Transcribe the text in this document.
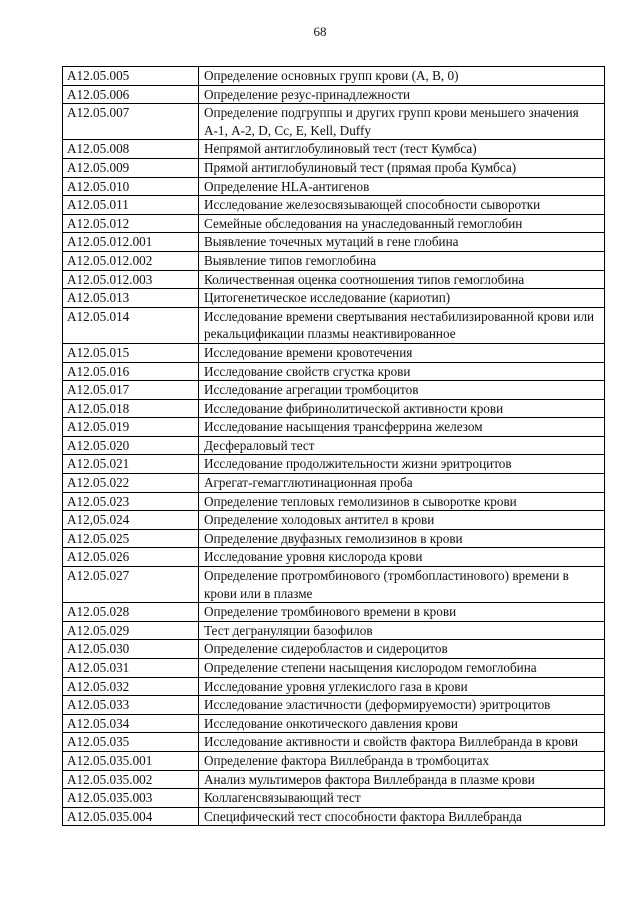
68
A12.05.005	Определение основных групп крови (А, В, 0)
A12.05.006	Определение резус-принадлежности
A12.05.007	Определение подгруппы и других групп крови меньшего значения А-1, А-2, D, Сс, Е, Kell, Duffy
A12.05.008	Непрямой антиглобулиновый тест (тест Кумбса)
A12.05.009	Прямой антиглобулиновый тест (прямая проба Кумбса)
A12.05.010	Определение HLA-антигенов
A12.05.011	Исследование железосвязывающей способности сыворотки
A12.05.012	Семейные обследования на унаследованный гемоглобин
A12.05.012.001	Выявление точечных мутаций в гене глобина
A12.05.012.002	Выявление типов гемоглобина
A12.05.012.003	Количественная оценка соотношения типов гемоглобина
A12.05.013	Цитогенетическое исследование (кариотип)
A12.05.014	Исследование времени свертывания нестабилизированной крови или рекальцификации плазмы неактивированное
A12.05.015	Исследование времени кровотечения
A12.05.016	Исследование свойств сгустка крови
A12.05.017	Исследование агрегации тромбоцитов
A12.05.018	Исследование фибринолитической активности крови
A12.05.019	Исследование насыщения трансферрина железом
A12.05.020	Десфераловый тест
A12.05.021	Исследование продолжительности жизни эритроцитов
A12.05.022	Агрегат-гемагглютинационная проба
A12.05.023	Определение тепловых гемолизинов в сыворотке крови
A12,05.024	Определение холодовых антител в крови
A12.05.025	Определение двуфазных гемолизинов в крови
A12.05.026	Исследование уровня кислорода крови
A12.05.027	Определение протромбинового (тромбопластинового) времени в крови или в плазме
A12.05.028	Определение тромбинового времени в крови
A12.05.029	Тест дегрануляции базофилов
A12.05.030	Определение сидеробластов и сидероцитов
A12.05.031	Определение степени насыщения кислородом гемоглобина
A12.05.032	Исследование уровня углекислого газа в крови
A12.05.033	Исследование эластичности (деформируемости) эритроцитов
A12.05.034	Исследование онкотического давления крови
A12.05.035	Исследование активности и свойств фактора Виллебранда в крови
A12.05.035.001	Определение фактора Виллебранда в тромбоцитах
A12.05.035.002	Анализ мультимеров фактора Виллебранда в плазме крови
A12.05.035.003	Коллагенсвязывающий тест
A12.05.035.004	Специфический тест способности фактора Виллебранда
